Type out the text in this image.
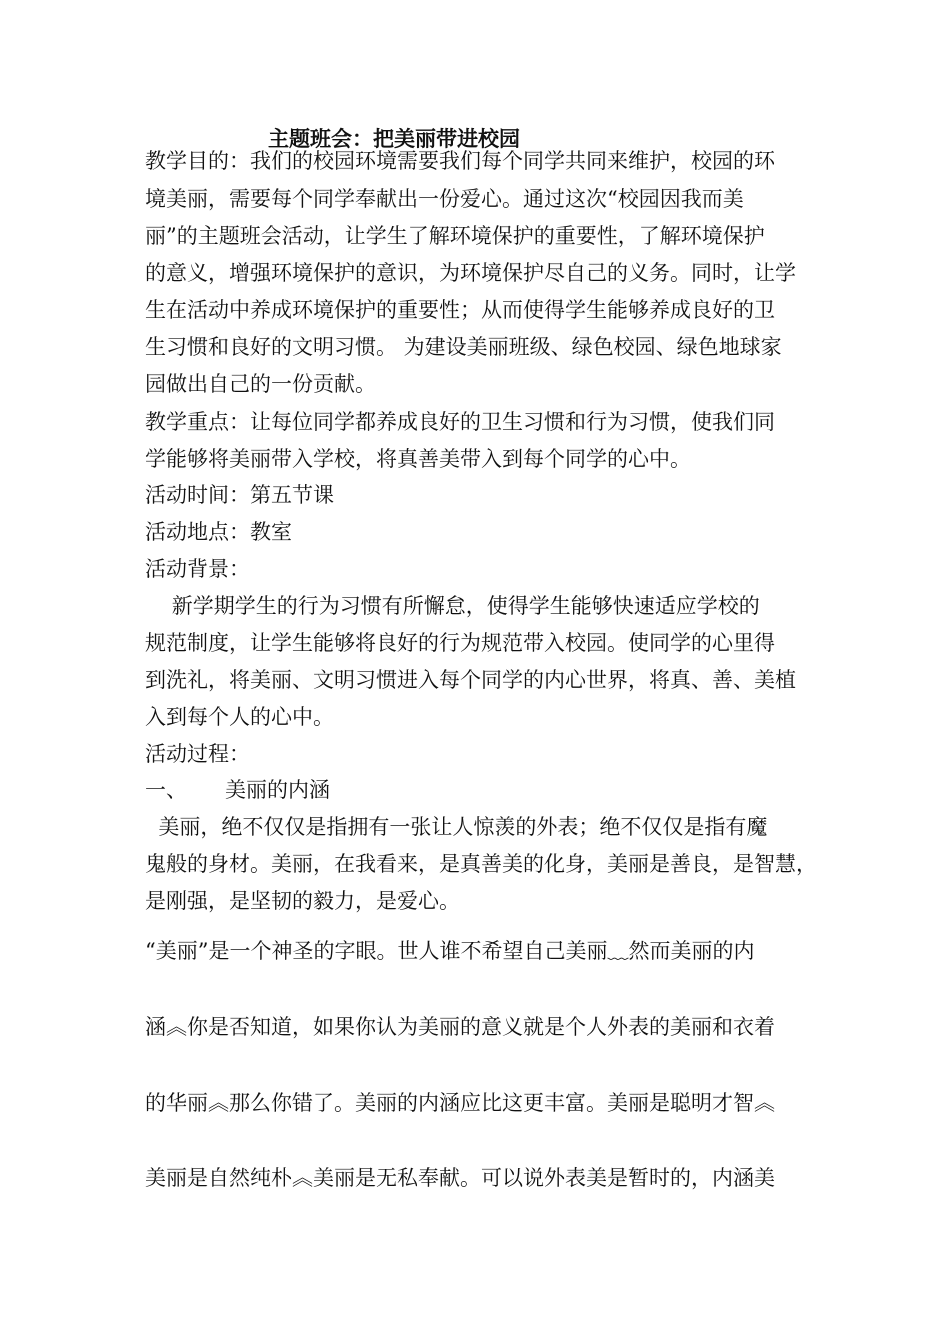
主题班会：把美丽带进校园
教学目的：我们的校园环境需要我们每个同学共同来维护，校园的环
境美丽，需要每个同学奉献出一份爱心。通过这次“校园因我而美
丽”的主题班会活动，让学生了解环境保护的重要性，了解环境保护
的意义，增强环境保护的意识，为环境保护尽自己的义务。同时，让学
生在活动中养成环境保护的重要性；从而使得学生能够养成良好的卫
生习惯和良好的文明习惯。 为建设美丽班级、绿色校园、绿色地球家
园做出自己的一份贡献。
教学重点：让每位同学都养成良好的卫生习惯和行为习惯，使我们同
学能够将美丽带入学校，将真善美带入到每个同学的心中。
活动时间：第五节课
活动地点：教室
活动背景：
新学期学生的行为习惯有所懈怠，使得学生能够快速适应学校的
规范制度，让学生能够将良好的行为规范带入校园。使同学的心里得
到洗礼，将美丽、文明习惯进入每个同学的内心世界，将真、善、美植
入到每个人的心中。
活动过程：
一、 美丽的内涵
美丽，绝不仅仅是指拥有一张让人惊羡的外表；绝不仅仅是指有魔
鬼般的身材。美丽，在我看来，是真善美的化身，美丽是善良，是智慧，
是刚强，是坚韧的毅力，是爱心。
“美丽”是一个神圣的字眼。世人谁不希望自己美丽﹏然而美丽的内
涵︽你是否知道，如果你认为美丽的意义就是个人外表的美丽和衣着
的华丽︽那么你错了。美丽的内涵应比这更丰富。美丽是聪明才智︽
美丽是自然纯朴︽美丽是无私奉献。可以说外表美是暂时的，内涵美
